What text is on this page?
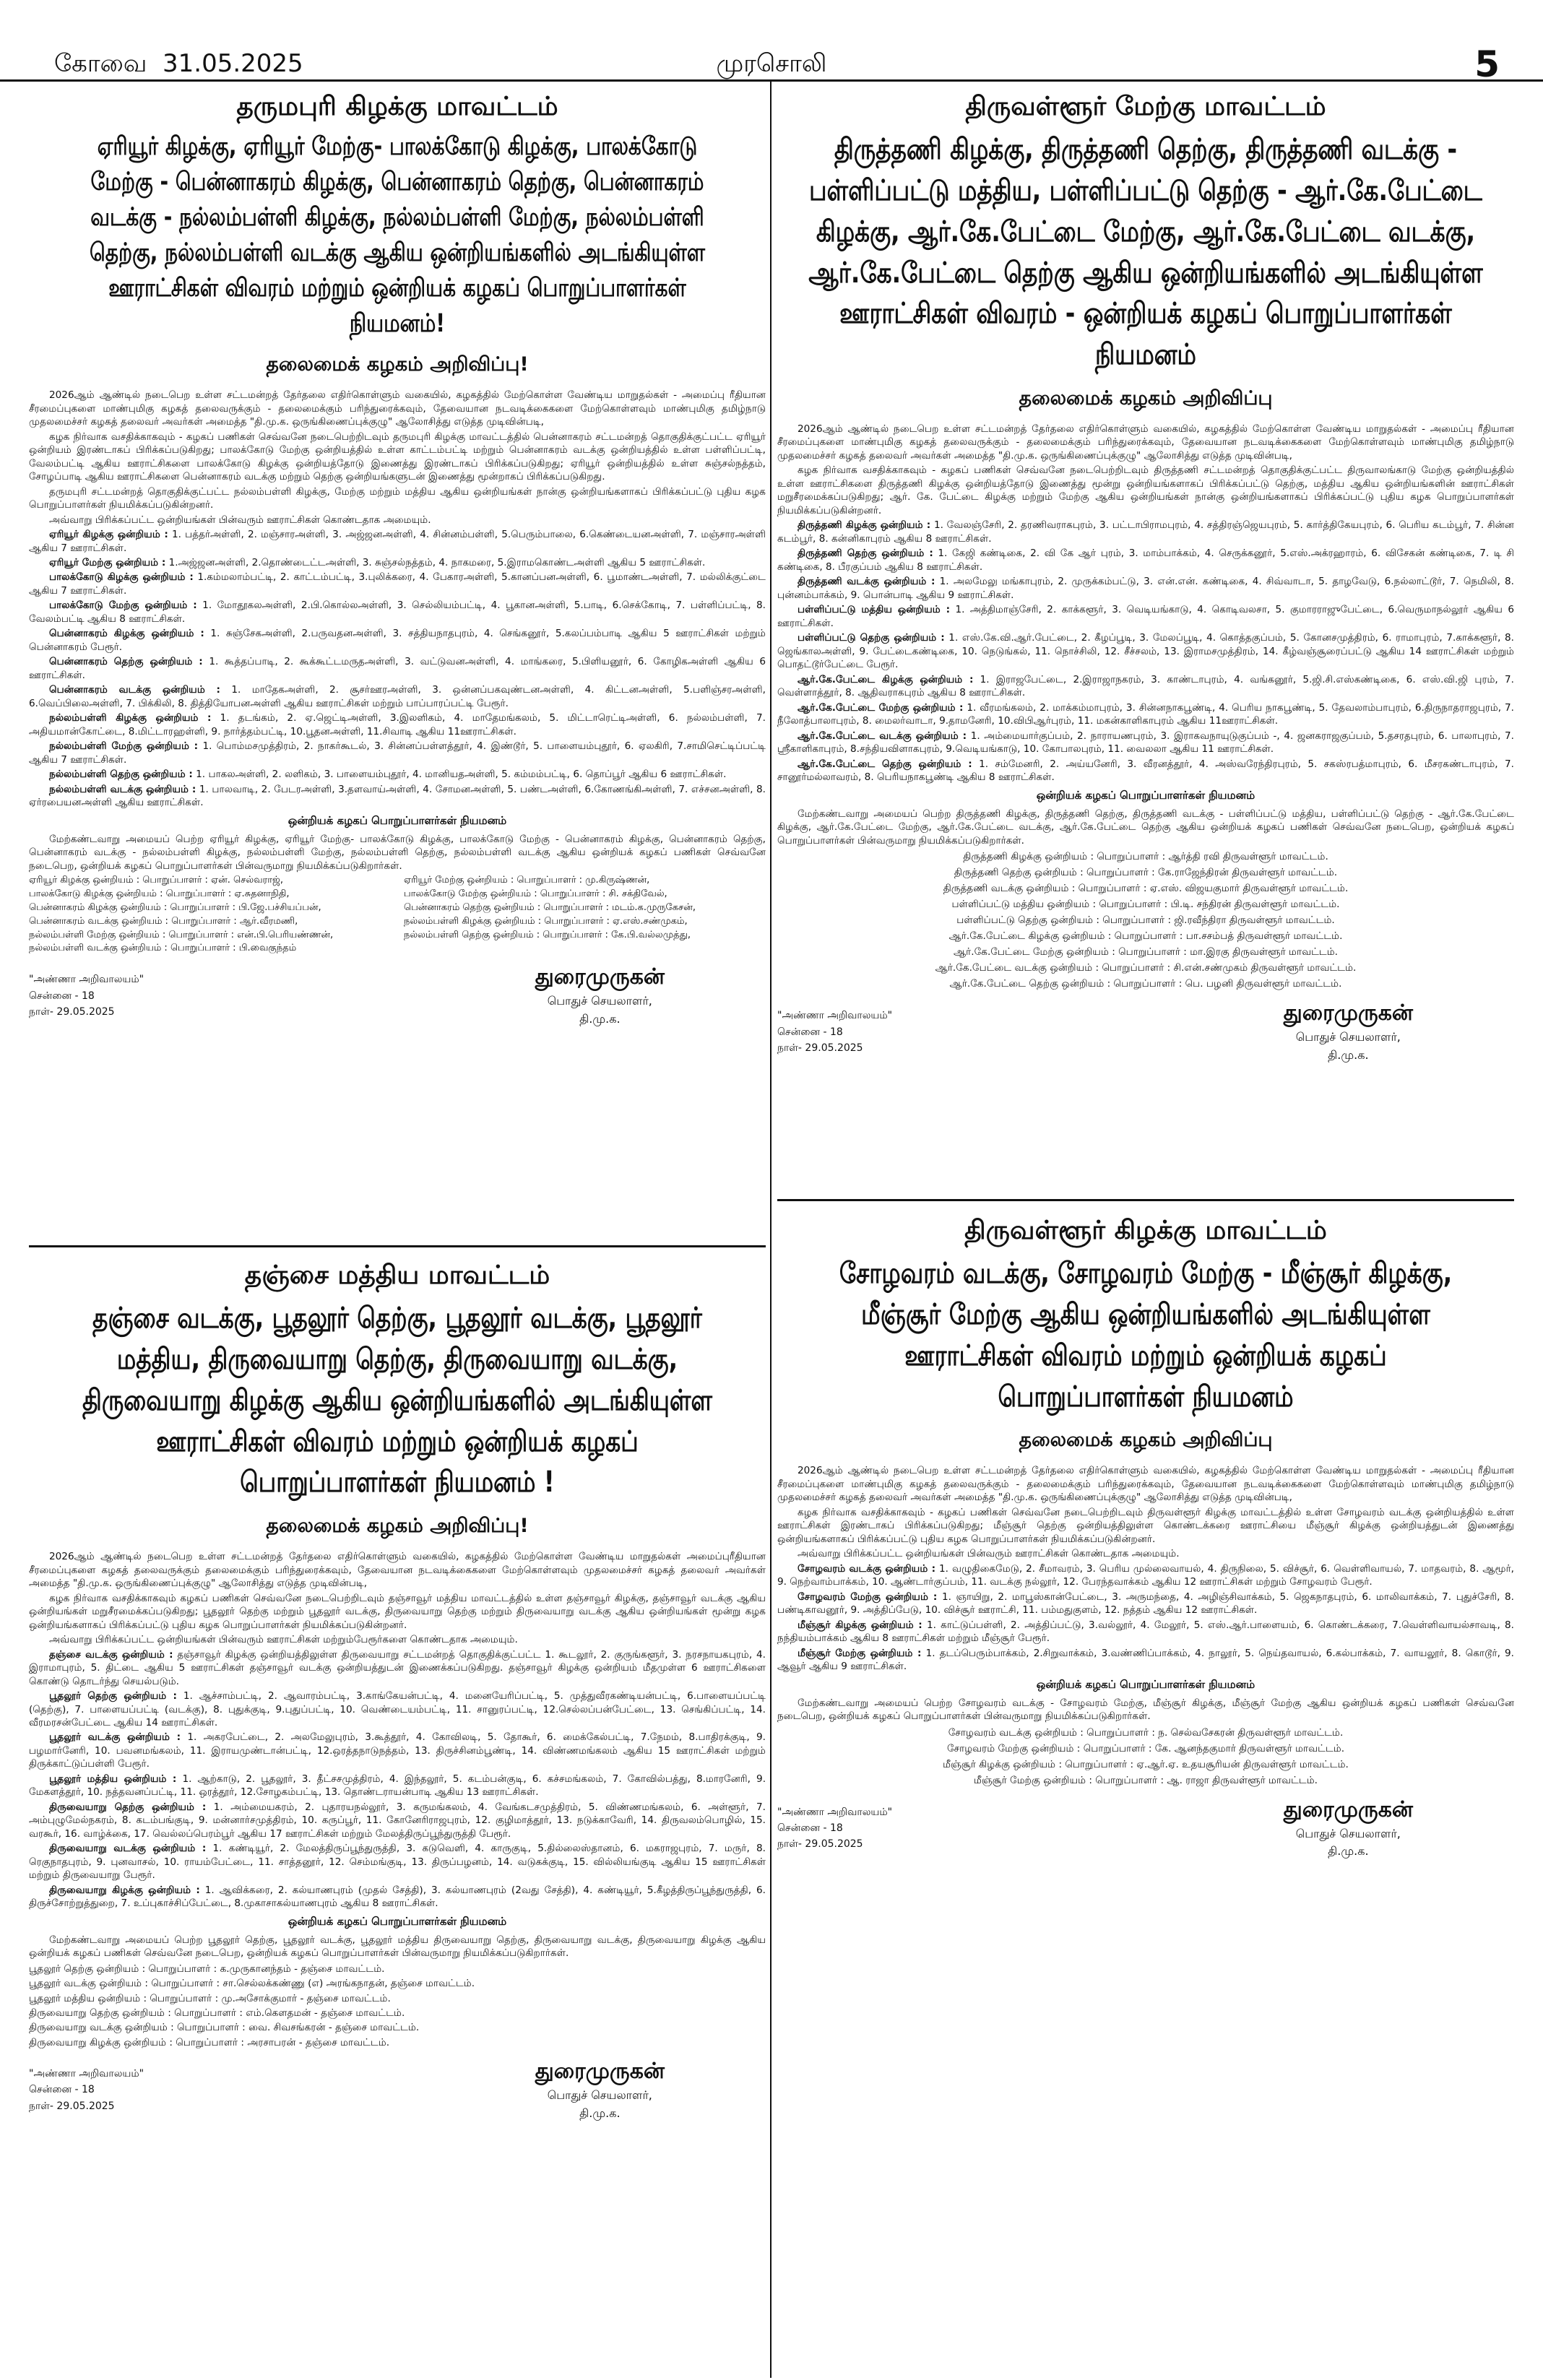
கோவை 31.05.2025	முரசொலி	5
தருமபுரி கிழக்கு மாவட்டம்
ஏரியூர் கிழக்கு, ஏரியூர் மேற்கு- பாலக்கோடு கிழக்கு, பாலக்கோடு மேற்கு - பென்னாகரம் கிழக்கு, பென்னாகரம் தெற்கு, பென்னாகரம் வடக்கு - நல்லம்பள்ளி கிழக்கு, நல்லம்பள்ளி மேற்கு, நல்லம்பள்ளி தெற்கு, நல்லம்பள்ளி வடக்கு ஆகிய ஒன்றியங்களில் அடங்கியுள்ள ஊராட்சிகள் விவரம் மற்றும் ஒன்றியக் கழகப் பொறுப்பாளர்கள் நியமனம்!
தலைமைக் கழகம் அறிவிப்பு!

2026ஆம் ஆண்டில் நடைபெற உள்ள சட்டமன்றத் தேர்தலை எதிர்கொள்ளும் வகையில், கழகத்தில் மேற்கொள்ள வேண்டிய மாறுதல்கள் - அமைப்பு ரீதியான சீரமைப்புகளை மாண்புமிகு கழகத் தலைவருக்கும் - தலைமைக்கும் பரிந்துரைக்கவும், தேவையான நடவடிக்கைகளை மேற்கொள்ளவும் மாண்புமிகு தமிழ்நாடு முதலமைச்சர் கழகத் தலைவர் அவர்கள் அமைத்த "தி.மு.க. ஒருங்கிணைப்புக்குழு" ஆலோசித்து எடுத்த முடிவின்படி,

கழக நிர்வாக வசதிக்காகவும் - கழகப் பணிகள் செவ்வனே நடைபெற்றிடவும் தருமபுரி கிழக்கு மாவட்டத்தில் பென்னாகரம் சட்டமன்றத் தொகுதிக்குட்பட்ட ஏரியூர் ஒன்றியம் இரண்டாகப் பிரிக்கப்படுகிறது; பாலக்கோடு மேற்கு ஒன்றியத்தில் உள்ள காட்டம்பட்டி மற்றும் பென்னாகரம் வடக்கு ஒன்றியத்தில் உள்ள பள்ளிப்பட்டி, வேலம்பட்டி ஆகிய ஊராட்சிகளை பாலக்கோடு கிழக்கு ஒன்றியத்தோடு இணைத்து இரண்டாகப் பிரிக்கப்படுகிறது; ஏரியூர் ஒன்றியத்தில் உள்ள சுஞ்சல்நத்தம், சோழப்பாடி ஆகிய ஊராட்சிகளை பென்னாகரம் வடக்கு மற்றும் தெற்கு ஒன்றியங்களுடன் இணைத்து மூன்றாகப் பிரிக்கப்படுகிறது.

தருமபுரி சட்டமன்றத் தொகுதிக்குட்பட்ட நல்லம்பள்ளி கிழக்கு, மேற்கு மற்றும் மத்திய ஆகிய ஒன்றியங்கள் நான்கு ஒன்றியங்களாகப் பிரிக்கப்பட்டு புதிய கழக பொறுப்பாளர்கள் நியமிக்கப்படுகின்றனர்.

அவ்வாறு பிரிக்கப்பட்ட ஒன்றியங்கள் பின்வரும் ஊராட்சிகள் கொண்டதாக அமையும்.

ஏரியூர் கிழக்கு ஒன்றியம் : 1. பத்தர்அள்ளி, 2. மஞ்சாரஅள்ளி, 3. அஜ்ஜனஅள்ளி, 4. சின்னம்பள்ளி, 5.பெரும்பாலை, 6.கெண்டையனஅள்ளி, 7. மஞ்சாரஅள்ளி ஆகிய 7 ஊராட்சிகள்.

ஏரியூர் மேற்கு ஒன்றியம் : 1.அஜ்ஜனஅள்ளி, 2.தொண்டைட்டஅள்ளி, 3. சுஞ்சல்நத்தம், 4. நாகமரை, 5.இராமகொண்டஅள்ளி ஆகிய 5 ஊராட்சிகள்.

பாலக்கோடு கிழக்கு ஒன்றியம் : 1.கம்மலாம்பட்டி, 2. காட்டம்பட்டி, 3.புலிக்கரை, 4. பேகாரஅள்ளி, 5.கானப்பனஅள்ளி, 6. பூமாண்டஅள்ளி, 7. மல்லிக்குட்டை ஆகிய 7 ஊராட்சிகள்.

பாலக்கோடு மேற்கு ஒன்றியம் : 1. மோதூகலஅள்ளி, 2.பி.கொல்லஅள்ளி, 3. செல்லியம்பட்டி, 4. பூகானஅள்ளி, 5.பாடி, 6.செக்கோடி, 7. பள்ளிப்பட்டி, 8. வேலம்பட்டி ஆகிய 8 ஊராட்சிகள்.

பென்னாகரம் கிழக்கு ஒன்றியம் : 1. சுஞ்சேகஅள்ளி, 2.பருவதனஅள்ளி, 3. சத்தியநாதபுரம், 4. செங்கனூர், 5.கலப்பம்பாடி ஆகிய 5 ஊராட்சிகள் மற்றும் பென்னாகரம் பேரூர்.

பென்னாகரம் தெற்கு ஒன்றியம் : 1. கூத்தப்பாடி, 2. கூக்கூட்டமருதஅள்ளி, 3. வட்டுவனஅள்ளி, 4. மாங்கரை, 5.பிளியனூர், 6. கோழிகஅள்ளி ஆகிய 6 ஊராட்சிகள்.

பென்னாகரம் வடக்கு ஒன்றியம் : 1. மாதேகஅள்ளி, 2. சூசர்ஊரஅள்ளி, 3. ஒன்னப்பகவுண்டனஅள்ளி, 4. கிட்டனஅள்ளி, 5.பளிஞ்சரஅள்ளி, 6.வெப்பிலைஅள்ளி, 7. பிக்கிலி, 8. தித்தியோபனஅள்ளி ஆகிய ஊராட்சிகள் மற்றும் பாப்பாரப்பட்டி பேரூர்.

நல்லம்பள்ளி கிழக்கு ஒன்றியம் : 1. தடங்கம், 2. ஏ.ஜெட்டிஅள்ளி, 3.இலளிகம், 4. மாதேமங்கலம், 5. மிட்டாரெட்டிஅள்ளி, 6. நல்லம்பள்ளி, 7. அதியமான்கோட்டை, 8.மிட்டாரஹள்ளி, 9. நார்த்தம்பட்டி, 10.பூதனஅள்ளி, 11.சிவாடி ஆகிய 11ஊராட்சிகள்.

நல்லம்பள்ளி மேற்கு ஒன்றியம் : 1. பொம்மசமுத்திரம், 2. நாகர்கூடல், 3. சின்னப்பள்ளத்தூர், 4. இண்டூர், 5. பாளையம்புதூர், 6. ஏலகிரி, 7.சாமிசெட்டிப்பட்டி ஆகிய 7 ஊராட்சிகள்.

நல்லம்பள்ளி தெற்கு ஒன்றியம் : 1. பாகலஅள்ளி, 2. லளிகம், 3. பாளையம்புதூர், 4. மானியதஅள்ளி, 5. கம்மம்பட்டி, 6. தொப்பூர் ஆகிய 6 ஊராட்சிகள்.

நல்லம்பள்ளி வடக்கு ஒன்றியம் : 1. பாலவாடி, 2. பேடரஅள்ளி, 3.தளவாய்அள்ளி, 4. சோமனஅள்ளி, 5. பண்டஅள்ளி, 6.கோணங்கிஅள்ளி, 7. எச்சனஅள்ளி, 8. ஏர்ரபையனஅள்ளி ஆகிய ஊராட்சிகள்.

ஒன்றியக் கழகப் பொறுப்பாளர்கள் நியமனம்

மேற்கண்டவாறு அமையப் பெற்ற ஏரியூர் கிழக்கு, ஏரியூர் மேற்கு- பாலக்கோடு கிழக்கு, பாலக்கோடு மேற்கு - பென்னாகரம் கிழக்கு, பென்னாகரம் தெற்கு, பென்னாகரம் வடக்கு - நல்லம்பள்ளி கிழக்கு, நல்லம்பள்ளி மேற்கு, நல்லம்பள்ளி தெற்கு, நல்லம்பள்ளி வடக்கு ஆகிய ஒன்றியக் கழகப் பணிகள் செவ்வனே நடைபெற, ஒன்றியக் கழகப் பொறுப்பாளர்கள் பின்வருமாறு நியமிக்கப்படுகிறார்கள்.

ஏரியூர் கிழக்கு ஒன்றியம் : பொறுப்பாளர் : ஏன். செல்வராஜ்,	ஏரியூர் மேற்கு ஒன்றியம் : பொறுப்பாளர் : மு.கிருஷ்ணன்,
பாலக்கோடு கிழக்கு ஒன்றியம் : பொறுப்பாளர் : ஏ.சுதனாநிதி,	பாலக்கோடு மேற்கு ஒன்றியம் : பொறுப்பாளர் : சி. சக்திவேல்,
பென்னாகரம் கிழக்கு ஒன்றியம் : பொறுப்பாளர் : பி.ஜே.பச்சியப்பன்,	பென்னாகரம் தெற்கு ஒன்றியம் : பொறுப்பாளர் : மடம்.க.முருகேசன்,
பென்னாகரம் வடக்கு ஒன்றியம் : பொறுப்பாளர் : ஆர்.வீரமணி,	நல்லம்பள்ளி கிழக்கு ஒன்றியம் : பொறுப்பாளர் : ஏ.எஸ்.சண்முகம்,
நல்லம்பள்ளி மேற்கு ஒன்றியம் : பொறுப்பாளர் : என்.பி.பெரியண்ணன்,	நல்லம்பள்ளி தெற்கு ஒன்றியம் : பொறுப்பாளர் : கே.பி.வல்லமுத்து,
நல்லம்பள்ளி வடக்கு ஒன்றியம் : பொறுப்பாளர் : பி.வைகுந்தம்
"அண்ணா அறிவாலயம்"
சென்னை - 18
நாள்- 29.05.2025
துரைமுருகன்
பொதுச் செயலாளர்,
தி.மு.க.
தஞ்சை மத்திய மாவட்டம்
தஞ்சை வடக்கு, பூதலூர் தெற்கு, பூதலூர் வடக்கு, பூதலூர் மத்திய, திருவையாறு தெற்கு, திருவையாறு வடக்கு, திருவையாறு கிழக்கு ஆகிய ஒன்றியங்களில் அடங்கியுள்ள ஊராட்சிகள் விவரம் மற்றும் ஒன்றியக் கழகப் பொறுப்பாளர்கள் நியமனம் !
தலைமைக் கழகம் அறிவிப்பு!

2026ஆம் ஆண்டில் நடைபெற உள்ள சட்டமன்றத் தேர்தலை எதிர்கொள்ளும் வகையில், கழகத்தில் மேற்கொள்ள வேண்டிய மாறுதல்கள் அமைப்புரீதியான சீரமைப்புகளை கழகத் தலைவருக்கும் தலைமைக்கும் பரிந்துரைக்கவும், தேவையான நடவடிக்கைகளை மேற்கொள்ளவும் முதலமைச்சர் கழகத் தலைவர் அவர்கள் அமைத்த "தி.மு.க. ஒருங்கிணைப்புக்குழு" ஆலோசித்து எடுத்த முடிவின்படி,

கழக நிர்வாக வசதிக்காகவும் கழகப் பணிகள் செவ்வனே நடைபெற்றிடவும் தஞ்சாவூர் மத்திய மாவட்டத்தில் உள்ள தஞ்சாவூர் கிழக்கு, தஞ்சாவூர் வடக்கு ஆகிய ஒன்றியங்கள் மறுசீரமைக்கப்படுகிறது; பூதலூர் தெற்கு மற்றும் பூதலூர் வடக்கு, திருவையாறு தெற்கு மற்றும் திருவையாறு வடக்கு ஆகிய ஒன்றியங்கள் மூன்று கழக ஒன்றியங்களாகப் பிரிக்கப்பட்டு புதிய கழக பொறுப்பாளர்கள் நியமிக்கப்படுகின்றனர்.

அவ்வாறு பிரிக்கப்பட்ட ஒன்றியங்கள் பின்வரும் ஊராட்சிகள் மற்றும்பேரூர்களை கொண்டதாக அமையும்.

தஞ்சை வடக்கு ஒன்றியம் : தஞ்சாவூர் கிழக்கு ஒன்றியத்திலுள்ள திருவையாறு சட்டமன்றத் தொகுதிக்குட்பட்ட 1. கூடலூர், 2. குருங்களூர், 3. நரசநாயகபுரம், 4. இராமாபுரம், 5. திட்டை ஆகிய 5 ஊராட்சிகள் தஞ்சாவூர் வடக்கு ஒன்றியத்துடன் இணைக்கப்படுகிறது. தஞ்சாவூர் கிழக்கு ஒன்றியம் மீதமுள்ள 6 ஊராட்சிகளை கொண்டு தொடர்ந்து செயல்படும்.

பூதலூர் தெற்கு ஒன்றியம் : 1. ஆச்சாம்பட்டி, 2. ஆவாரம்பட்டி, 3.காங்கேயன்பட்டி, 4. மனையேரிப்பட்டி, 5. முத்துவீரகண்டியன்பட்டி, 6.பாளையப்பட்டி (தெற்கு), 7. பாளையப்பட்டி (வடக்கு), 8. புதுக்குடி, 9.புதுப்பட்டி, 10. வெண்டையம்பட்டி, 11. சானுரப்பட்டி, 12.செல்லப்பன்பேட்டை, 13. செங்கிப்பட்டி, 14. வீரமரசன்பேட்டை ஆகிய 14 ஊராட்சிகள்.

பூதலூர் வடக்கு ஒன்றியம் : 1. அகரபேட்டை, 2. அலமேலுபுரம், 3.கூத்தூர், 4. கோவிலடி, 5. தோகூர், 6. மைக்கேல்பட்டி, 7.நேமம், 8.பாதிரக்குடி, 9. பழமார்னேரி, 10. பவனமங்கலம், 11. இராயமுண்டான்பட்டி, 12.ஒரத்தநாடுநத்தம், 13. திருச்சினம்பூண்டி, 14. விண்ணமங்கலம் ஆகிய 15 ஊராட்சிகள் மற்றும் திருக்காட்டுப்பள்ளி பேரூர்.

பூதலூர் மத்திய ஒன்றியம் : 1. ஆற்காடு, 2. பூதலூர், 3. தீட்சசமுத்திரம், 4. இந்தலூர், 5. கடம்பன்குடி, 6. கச்சமங்கலம், 7. கோவில்பத்து, 8.மாரனேரி, 9. மேகளத்தூர், 10. நத்தவனப்பட்டி, 11. ஒரத்தூர், 12.சோழகம்பட்டி, 13. தொண்டராயன்பாடி ஆகிய 13 ஊராட்சிகள்.

திருவையாறு தெற்கு ஒன்றியம் : 1. அம்மையகரம், 2. புதாரயநல்லூர், 3. கருமங்கலம், 4. வேங்கடசமுத்திரம், 5. விண்ணமங்கலம், 6. அள்ளூர், 7. அம்புழுமேல்நகரம், 8. கடம்பங்குடி, 9. மன்னார்சமுத்திரம், 10. கருப்பூர், 11. கோனேரிராஜபுரம், 12. குழிமாத்தூர், 13. நடுக்காவேரி, 14. திருவலம்பொழில், 15. வரகூர், 16. வாழ்க்கை, 17. வெல்லப்பெரம்பூர் ஆகிய 17 ஊராட்சிகள் மற்றும் மேலத்திருப்பூந்துருத்தி பேரூர்.

திருவையாறு வடக்கு ஒன்றியம் : 1. கண்டியூர், 2. மேலத்திருப்பூந்துருத்தி, 3. கடுவெளி, 4. காருகுடி, 5.தில்லைஸ்தானம், 6. மகராஜபுரம், 7. மருர், 8. ரெகுநாதபுரம், 9. புனவாசல், 10. ராயம்பேட்டை, 11. சாத்தனூர், 12. செம்மங்குடி, 13. திருப்பழனம், 14. வடுகக்குடி, 15. வில்லியங்குடி ஆகிய 15 ஊராட்சிகள் மற்றும் திருவையாறு பேரூர்.

திருவையாறு கிழக்கு ஒன்றியம் : 1. ஆவிக்கரை, 2. கல்யாணபுரம் (முதல் சேத்தி), 3. கல்யாணபுரம் (2வது சேத்தி), 4. கண்டியூர், 5.கீழத்திருப்பூந்துருத்தி, 6. திருச்சோற்றுத்துறை, 7. உப்புகாச்சிப்பேட்டை, 8.முகாசாகல்யாணபுரம் ஆகிய 8 ஊராட்சிகள்.

ஒன்றியக் கழகப் பொறுப்பாளர்கள் நியமனம்

மேற்கண்டவாறு அமையப் பெற்ற பூதலூர் தெற்கு, பூதலூர் வடக்கு, பூதலூர் மத்திய திருவையாறு தெற்கு, திருவையாறு வடக்கு, திருவையாறு கிழக்கு ஆகிய ஒன்றியக் கழகப் பணிகள் செவ்வனே நடைபெற, ஒன்றியக் கழகப் பொறுப்பாளர்கள் பின்வருமாறு நியமிக்கப்படுகிறார்கள்.

பூதலூர் தெற்கு ஒன்றியம் : பொறுப்பாளர் : க.முருகானந்தம் - தஞ்சை மாவட்டம்.
பூதலூர் வடக்கு ஒன்றியம் : பொறுப்பாளர் : சா.செல்லக்கண்ணு (எ) அரங்கநாதன், தஞ்சை மாவட்டம்.
பூதலூர் மத்திய ஒன்றியம் : பொறுப்பாளர் : மு.அசோக்குமார் - தஞ்சை மாவட்டம்.
திருவையாறு தெற்கு ஒன்றியம் : பொறுப்பாளர் : எம்.கௌதமன் - தஞ்சை மாவட்டம்.
திருவையாறு வடக்கு ஒன்றியம் : பொறுப்பாளர் : வை. சிவசங்கரன் - தஞ்சை மாவட்டம்.
திருவையாறு கிழக்கு ஒன்றியம் : பொறுப்பாளர் : அரசாபரன் - தஞ்சை மாவட்டம்.
"அண்ணா அறிவாலயம்"
சென்னை - 18
நாள்- 29.05.2025
துரைமுருகன்
பொதுச் செயலாளர்,
தி.மு.க.
திருவள்ளூர் மேற்கு மாவட்டம்
திருத்தணி கிழக்கு, திருத்தணி தெற்கு, திருத்தணி வடக்கு - பள்ளிப்பட்டு மத்திய, பள்ளிப்பட்டு தெற்கு - ஆர்.கே.பேட்டை கிழக்கு, ஆர்.கே.பேட்டை மேற்கு, ஆர்.கே.பேட்டை வடக்கு, ஆர்.கே.பேட்டை தெற்கு ஆகிய ஒன்றியங்களில் அடங்கியுள்ள ஊராட்சிகள் விவரம் - ஒன்றியக் கழகப் பொறுப்பாளர்கள் நியமனம்
தலைமைக் கழகம் அறிவிப்பு

2026ஆம் ஆண்டில் நடைபெற உள்ள சட்டமன்றத் தேர்தலை எதிர்கொள்ளும் வகையில், கழகத்தில் மேற்கொள்ள வேண்டிய மாறுதல்கள் - அமைப்பு ரீதியான சீரமைப்புகளை மாண்புமிகு கழகத் தலைவருக்கும் - தலைமைக்கும் பரிந்துரைக்கவும், தேவையான நடவடிக்கைகளை மேற்கொள்ளவும் மாண்புமிகு தமிழ்நாடு முதலமைச்சர் கழகத் தலைவர் அவர்கள் அமைத்த "தி.மு.க. ஒருங்கிணைப்புக்குழு" ஆலோசித்து எடுத்த முடிவின்படி,

கழக நிர்வாக வசதிக்காகவும் - கழகப் பணிகள் செவ்வனே நடைபெற்றிடவும் திருத்தணி சட்டமன்றத் தொகுதிக்குட்பட்ட திருவாலங்காடு மேற்கு ஒன்றியத்தில் உள்ள ஊராட்சிகளை திருத்தணி கிழக்கு ஒன்றியத்தோடு இணைத்து மூன்று ஒன்றியங்களாகப் பிரிக்கப்பட்டு தெற்கு, மத்திய ஆகிய ஒன்றியங்களின் ஊராட்சிகள் மறுசீரமைக்கப்படுகிறது; ஆர். கே. பேட்டை கிழக்கு மற்றும் மேற்கு ஆகிய ஒன்றியங்கள் நான்கு ஒன்றியங்களாகப் பிரிக்கப்பட்டு புதிய கழக பொறுப்பாளர்கள் நியமிக்கப்படுகின்றனர்.

திருத்தணி கிழக்கு ஒன்றியம் : 1. வேலஞ்சேரி, 2. தரணிவராகபுரம், 3. பட்டாபிராமபுரம், 4. சத்திரஞ்ஜெயபுரம், 5. கார்த்திகேயபுரம், 6. பெரிய கடம்பூர், 7. சின்ன கடம்பூர், 8. கன்னிகாபுரம் ஆகிய 8 ஊராட்சிகள்.

திருத்தணி தெற்கு ஒன்றியம் : 1. கேஜி கண்டிகை, 2. வி கே ஆர் புரம், 3. மாம்பாக்கம், 4. செருக்கனூர், 5.எஸ்.அக்ரஹாரம், 6. விசேகன் கண்டிகை, 7. டி சி கண்டிகை, 8. பீரகுப்பம் ஆகிய 8 ஊராட்சிகள்.

திருத்தணி வடக்கு ஒன்றியம் : 1. அலமேலு மங்காபுரம், 2. முருக்கம்பட்டு, 3. என்.என். கண்டிகை, 4. சிவ்வாடா, 5. தாழவேடு, 6.நல்லாட்டூர், 7. நெமிலி, 8. புன்னம்பாக்கம், 9. பொன்பாடி ஆகிய 9 ஊராட்சிகள்.

பள்ளிப்பட்டு மத்திய ஒன்றியம் : 1. அத்திமாஞ்சேரி, 2. காக்களூர், 3. வெடியங்காடு, 4. கொடிவலசா, 5. குமாரராஜுபேட்டை, 6.வெருமாநல்லூர் ஆகிய 6 ஊராட்சிகள்.

பள்ளிப்பட்டு தெற்கு ஒன்றியம் : 1. எஸ்.கே.வி.ஆர்.பேட்டை, 2. கீழப்பூடி, 3. மேலப்பூடி, 4. கொத்தகுப்பம், 5. கோனசமுத்திரம், 6. ராமாபுரம், 7.காக்களூர், 8. ஜெங்காலஅள்ளி, 9. பேட்டைகண்டிகை, 10. நெடுங்கல், 11. நொச்சிலி, 12. சீச்சலம், 13. இராமசமுத்திரம், 14. கீழ்வஞ்சூரைப்பட்டு ஆகிய 14 ஊராட்சிகள் மற்றும் பொதட்டூர்பேட்டை பேரூர்.

ஆர்.கே.பேட்டை கிழக்கு ஒன்றியம் : 1. இராஜபேட்டை, 2.இராஜாநகரம், 3. காண்டாபுரம், 4. வங்கனூர், 5.ஜி.சி.எஸ்கண்டிகை, 6. எஸ்.வி.ஜி புரம், 7. வெள்ளாத்தூர், 8. ஆதிவராகபுரம் ஆகிய 8 ஊராட்சிகள்.

ஆர்.கே.பேட்டை மேற்கு ஒன்றியம் : 1. வீரமங்கலம், 2. மாக்கம்மாபுரம், 3. சின்னநாகபூண்டி, 4. பெரிய நாகபூண்டி, 5. தேவலாம்பாபுரம், 6.திருநாதராஜபுரம், 7. நீலோத்பாலாபுரம், 8. மைலர்வாடா, 9.தாமனேரி, 10.விபிஆர்புரம், 11. மகன்காளிகாபுரம் ஆகிய 11ஊராட்சிகள்.

ஆர்.கே.பேட்டை வடக்கு ஒன்றியம் : 1. அம்மையார்குப்பம், 2. நாராயணபுரம், 3. இராகவநாயுடுகுப்பம் -, 4. ஜனகராஜகுப்பம், 5.தசரதபுரம், 6. பாலாபுரம், 7. ஸ்ரீகாளிகாபுரம், 8.சந்தியவிளாகபுரம், 9.வெடியங்காடு, 10. கோபாலபுரம், 11. வைலலா ஆகிய 11 ஊராட்சிகள்.

ஆர்.கே.பேட்டை தெற்கு ஒன்றியம் : 1. சம்மேனரி, 2. அய்யனேரி, 3. வீரனத்தூர், 4. அஸ்வரேந்திரபுரம், 5. சகஸ்ரபத்மாபுரம், 6. மீசரகண்டாபுரம், 7. சானூர்மல்லாவரம், 8. பெரியநாகபூண்டி ஆகிய 8 ஊராட்சிகள்.

ஒன்றியக் கழகப் பொறுப்பாளர்கள் நியமனம்

மேற்கண்டவாறு அமையப் பெற்ற திருத்தணி கிழக்கு, திருத்தணி தெற்கு, திருத்தணி வடக்கு - பள்ளிப்பட்டு மத்திய, பள்ளிப்பட்டு தெற்கு - ஆர்.கே.பேட்டை கிழக்கு, ஆர்.கே.பேட்டை மேற்கு, ஆர்.கே.பேட்டை வடக்கு, ஆர்.கே.பேட்டை தெற்கு ஆகிய ஒன்றியக் கழகப் பணிகள் செவ்வனே நடைபெற, ஒன்றியக் கழகப் பொறுப்பாளர்கள் பின்வருமாறு நியமிக்கப்படுகிறார்கள்.

திருத்தணி கிழக்கு ஒன்றியம் : பொறுப்பாளர் : ஆர்த்தி ரவி திருவள்ளூர் மாவட்டம்.
திருத்தணி தெற்கு ஒன்றியம் : பொறுப்பாளர் : கே.ராஜேந்திரன் திருவள்ளூர் மாவட்டம்.
திருத்தணி வடக்கு ஒன்றியம் : பொறுப்பாளர் : ஏ.எஸ். விஜயகுமார் திருவள்ளூர் மாவட்டம்.
பள்ளிப்பட்டு மத்திய ஒன்றியம் : பொறுப்பாளர் : பி.டி. சந்திரன் திருவள்ளூர் மாவட்டம்.
பள்ளிப்பட்டு தெற்கு ஒன்றியம் : பொறுப்பாளர் : ஜி.ரவீந்திரா திருவள்ளூர் மாவட்டம்.
ஆர்.கே.பேட்டை கிழக்கு ஒன்றியம் : பொறுப்பாளர் : பா.சசம்பத் திருவள்ளூர் மாவட்டம்.
ஆர்.கே.பேட்டை மேற்கு ஒன்றியம் : பொறுப்பாளர் : மா.இரகு திருவள்ளூர் மாவட்டம்.
ஆர்.கே.பேட்டை வடக்கு ஒன்றியம் : பொறுப்பாளர் : சி.என்.சண்முகம் திருவள்ளூர் மாவட்டம்.
ஆர்.கே.பேட்டை தெற்கு ஒன்றியம் : பொறுப்பாளர் : பெ. பழனி திருவள்ளூர் மாவட்டம்.
"அண்ணா அறிவாலயம்"
சென்னை - 18
நாள்- 29.05.2025
துரைமுருகன்
பொதுச் செயலாளர்,
தி.மு.க.
திருவள்ளூர் கிழக்கு மாவட்டம்
சோழவரம் வடக்கு, சோழவரம் மேற்கு - மீஞ்சூர் கிழக்கு, மீஞ்சூர் மேற்கு ஆகிய ஒன்றியங்களில் அடங்கியுள்ள ஊராட்சிகள் விவரம் மற்றும் ஒன்றியக் கழகப் பொறுப்பாளர்கள் நியமனம்
தலைமைக் கழகம் அறிவிப்பு

2026ஆம் ஆண்டில் நடைபெற உள்ள சட்டமன்றத் தேர்தலை எதிர்கொள்ளும் வகையில், கழகத்தில் மேற்கொள்ள வேண்டிய மாறுதல்கள் - அமைப்பு ரீதியான சீரமைப்புகளை மாண்புமிகு கழகத் தலைவருக்கும் - தலைமைக்கும் பரிந்துரைக்கவும், தேவையான நடவடிக்கைகளை மேற்கொள்ளவும் மாண்புமிகு தமிழ்நாடு முதலமைச்சர் கழகத் தலைவர் அவர்கள் அமைத்த "தி.மு.க. ஒருங்கிணைப்புக்குழு" ஆலோசித்து எடுத்த முடிவின்படி,

கழக நிர்வாக வசதிக்காகவும் - கழகப் பணிகள் செவ்வனே நடைபெற்றிடவும் திருவள்ளூர் கிழக்கு மாவட்டத்தில் உள்ள சோழவரம் வடக்கு ஒன்றியத்தில் உள்ள ஊராட்சிகள் இரண்டாகப் பிரிக்கப்படுகிறது; மீஞ்சூர் தெற்கு ஒன்றியத்திலுள்ள கொண்டக்கரை ஊராட்சியை மீஞ்சூர் கிழக்கு ஒன்றியத்துடன் இணைத்து ஒன்றியங்களாகப் பிரிக்கப்பட்டு புதிய கழக பொறுப்பாளர்கள் நியமிக்கப்படுகின்றனர்.

அவ்வாறு பிரிக்கப்பட்ட ஒன்றியங்கள் பின்வரும் ஊராட்சிகள் கொண்டதாக அமையும்.

சோழவரம் வடக்கு ஒன்றியம் : 1. வழுதிகைமேடு, 2. சீமாவரம், 3. பெரிய முல்லைவாயல், 4. திருநிலை, 5. விச்சூர், 6. வெள்ளிவாயல், 7. மாதவரம், 8. ஆமூர், 9. நெற்வாம்பாக்கம், 10. ஆண்டார்குப்பம், 11. வடக்கு நல்லூர், 12. பேரந்தவாக்கம் ஆகிய 12 ஊராட்சிகள் மற்றும் சோழவரம் பேரூர்.

சோழவரம் மேற்கு ஒன்றியம் : 1. ஞாயிறு, 2. மாபூஸ்கான்பேட்டை, 3. அருமந்தை, 4. அழிஞ்சிவாக்கம், 5. ஜெகநாதபுரம், 6. மாலிவாக்கம், 7. புதுச்சேரி, 8. பண்டிகாவனூர், 9. அத்திப்பேடு, 10. விச்சூர் ஊராட்சி, 11. பம்மதுகுளம், 12. நத்தம் ஆகிய 12 ஊராட்சிகள்.

மீஞ்சூர் கிழக்கு ஒன்றியம் : 1. காட்டுப்பள்ளி, 2. அத்திப்பட்டு, 3.வல்லூர், 4. மேலூர், 5. எஸ்.ஆர்.பாளையம், 6. கொண்டக்கரை, 7.வெள்ளிவாயல்சாவடி, 8. நந்தியம்பாக்கம் ஆகிய 8 ஊராட்சிகள் மற்றும் மீஞ்சூர் பேரூர்.

மீஞ்சூர் மேற்கு ஒன்றியம் : 1. தடப்பெரும்பாக்கம், 2.சிறுவாக்கம், 3.வண்ணிப்பாக்கம், 4. நாலூர், 5. நெய்தவாயல், 6.கல்பாக்கம், 7. வாயலூர், 8. கொடூர், 9. ஆவூர் ஆகிய 9 ஊராட்சிகள்.

ஒன்றியக் கழகப் பொறுப்பாளர்கள் நியமனம்

மேற்கண்டவாறு அமையப் பெற்ற சோழவரம் வடக்கு - சோழவரம் மேற்கு, மீஞ்சூர் கிழக்கு, மீஞ்சூர் மேற்கு ஆகிய ஒன்றியக் கழகப் பணிகள் செவ்வனே நடைபெற, ஒன்றியக் கழகப் பொறுப்பாளர்கள் பின்வருமாறு நியமிக்கப்படுகிறார்கள்.

சோழவரம் வடக்கு ஒன்றியம் : பொறுப்பாளர் : ந. செல்வசேகரன் திருவள்ளூர் மாவட்டம்.
சோழவரம் மேற்கு ஒன்றியம் : பொறுப்பாளர் : கே. ஆனந்தகுமார் திருவள்ளூர் மாவட்டம்.
மீஞ்சூர் கிழக்கு ஒன்றியம் : பொறுப்பாளர் : ஏ.ஆர்.ஏ. உதயசூரியன் திருவள்ளூர் மாவட்டம்.
மீஞ்சூர் மேற்கு ஒன்றியம் : பொறுப்பாளர் : ஆ. ராஜா திருவள்ளூர் மாவட்டம்.
"அண்ணா அறிவாலயம்"
சென்னை - 18
நாள்- 29.05.2025
துரைமுருகன்
பொதுச் செயலாளர்,
தி.மு.க.
